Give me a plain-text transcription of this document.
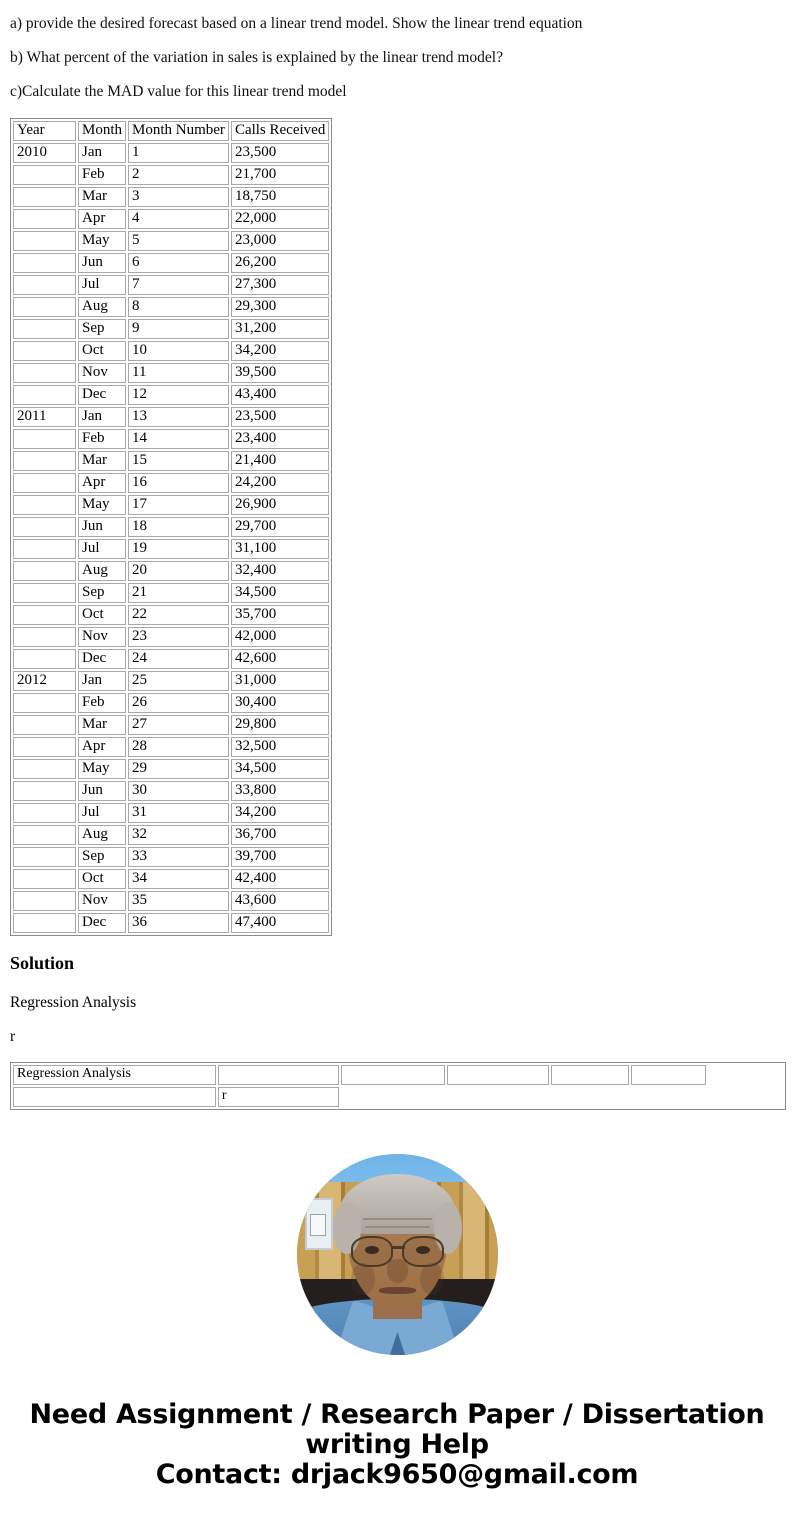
a) provide the desired forecast based on a linear trend model. Show the linear trend equation
b) What percent of the variation in sales is explained by the linear trend model?
c)Calculate the MAD value for this linear trend model
Year	Month	Month Number	Calls Received
2010	Jan	1	23,500
	Feb	2	21,700
	Mar	3	18,750
	Apr	4	22,000
	May	5	23,000
	Jun	6	26,200
	Jul	7	27,300
	Aug	8	29,300
	Sep	9	31,200
	Oct	10	34,200
	Nov	11	39,500
	Dec	12	43,400
2011	Jan	13	23,500
	Feb	14	23,400
	Mar	15	21,400
	Apr	16	24,200
	May	17	26,900
	Jun	18	29,700
	Jul	19	31,100
	Aug	20	32,400
	Sep	21	34,500
	Oct	22	35,700
	Nov	23	42,000
	Dec	24	42,600
2012	Jan	25	31,000
	Feb	26	30,400
	Mar	27	29,800
	Apr	28	32,500
	May	29	34,500
	Jun	30	33,800
	Jul	31	34,200
	Aug	32	36,700
	Sep	33	39,700
	Oct	34	42,400
	Nov	35	43,600
	Dec	36	47,400
Solution
Regression Analysis
r
Regression Analysis						
	r					
Need Assignment / Research Paper / Dissertation
writing Help
Contact: drjack9650@gmail.com
